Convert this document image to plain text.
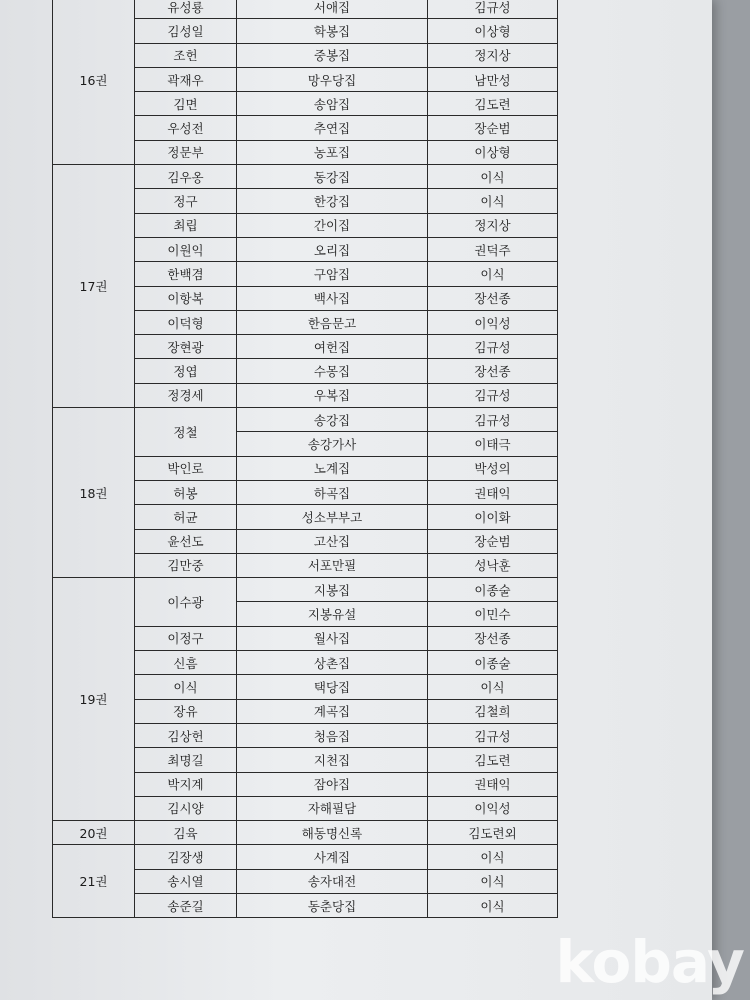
16권	유성룡	서애집	김규성
	김성일	학봉집	이상형
	조헌	중봉집	정지상
	곽재우	망우당집	남만성
	김면	송암집	김도련
	우성전	추연집	장순범
	정문부	농포집	이상형
17권	김우옹	동강집	이식
	정구	한강집	이식
	최립	간이집	정지상
	이원익	오리집	권덕주
	한백겸	구암집	이식
	이항복	백사집	장선종
	이덕형	한음문고	이익성
	장현광	여헌집	김규성
	정엽	수몽집	장선종
	정경세	우복집	김규성
18권	정철	송강집	김규성
		송강가사	이태극
	박인로	노계집	박성의
	허봉	하곡집	권태익
	허균	성소부부고	이이화
	윤선도	고산집	장순범
	김만중	서포만필	성낙훈
19권	이수광	지봉집	이종술
		지봉유설	이민수
	이정구	월사집	장선종
	신흠	상촌집	이종술
	이식	택당집	이식
	장유	계곡집	김철희
	김상헌	청음집	김규성
	최명길	지천집	김도련
	박지계	잠야집	권태익
	김시양	자해필담	이익성
20권	김육	해동명신록	김도련외
21권	김장생	사계집	이식
	송시열	송자대전	이식
	송준길	동춘당집	이식
kobay
